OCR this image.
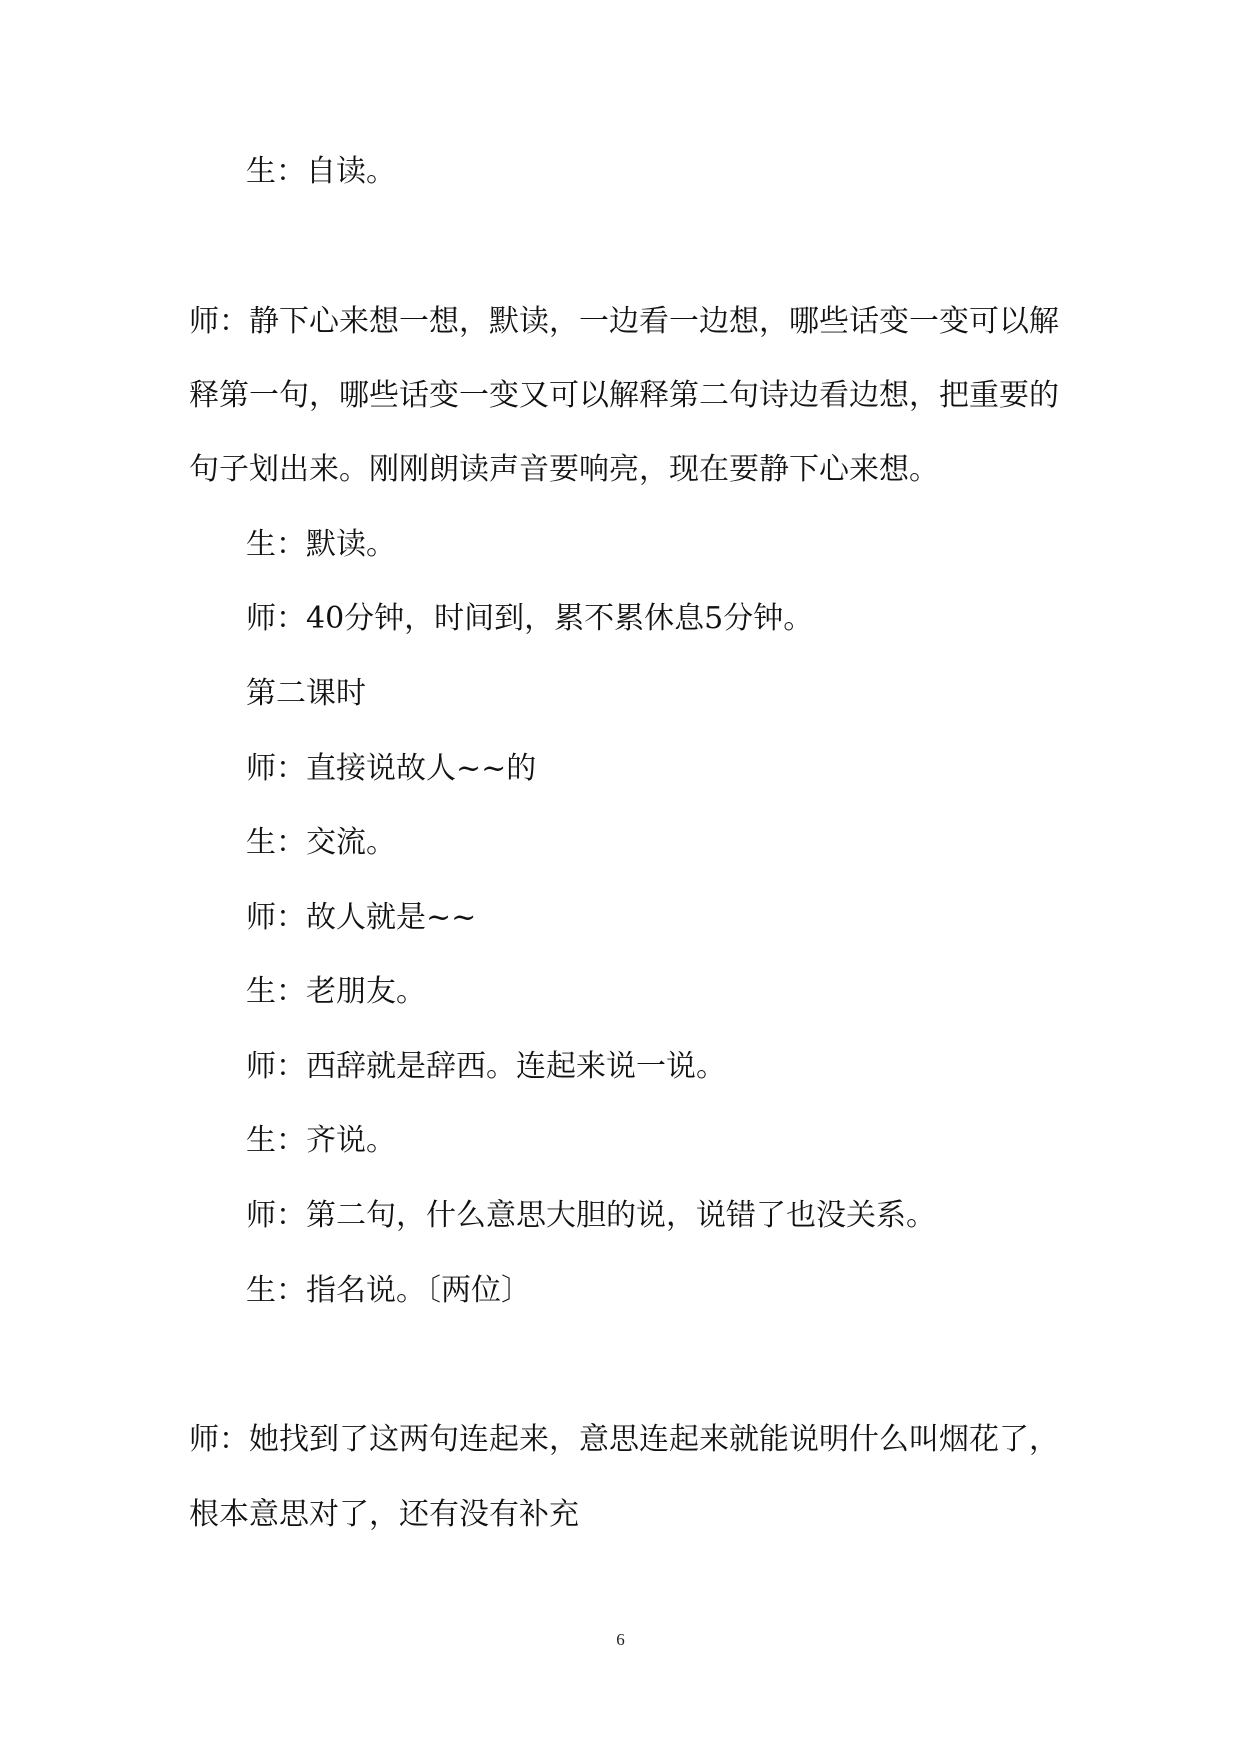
生：自读。
师：静下心来想一想，默读，一边看一边想，哪些话变一变可以解
释第一句，哪些话变一变又可以解释第二句诗边看边想，把重要的
句子划出来。刚刚朗读声音要响亮，现在要静下心来想。
生：默读。
师：40分钟，时间到，累不累休息5分钟。
第二课时
师：直接说故人~~的
生：交流。
师：故人就是~~
生：老朋友。
师：西辞就是辞西。连起来说一说。
生：齐说。
师：第二句，什么意思大胆的说，说错了也没关系。
生：指名说。〔两位〕
师：她找到了这两句连起来，意思连起来就能说明什么叫烟花了，
根本意思对了，还有没有补充
6
